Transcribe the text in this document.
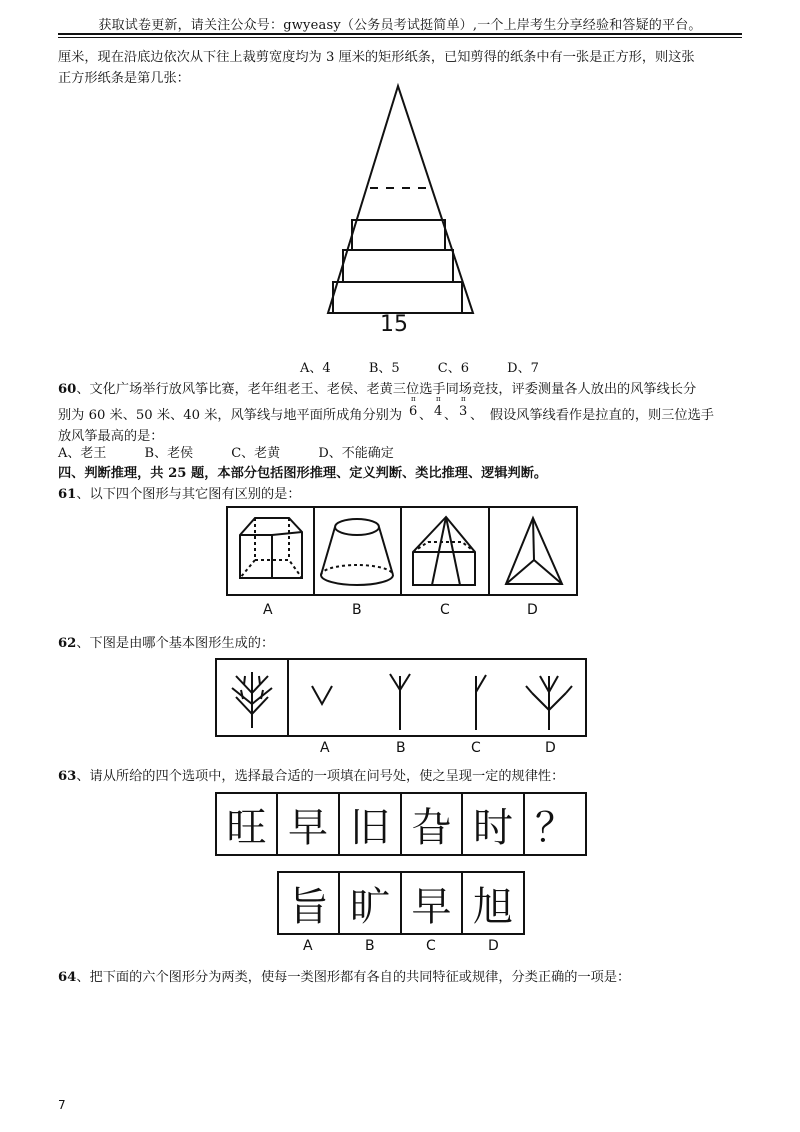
获取试卷更新，请关注公众号：gwyeasy（公务员考试挺简单）,一个上岸考生分享经验和答疑的平台。
厘米，现在沿底边依次从下往上裁剪宽度均为 3 厘米的矩形纸条，已知剪得的纸条中有一张是正方形，则这张
正方形纸条是第几张：
15
A、4	B、5	C、6	D、7
60、文化广场举行放风筝比赛，老年组老王、老侯、老黄三位选手同场竞技，评委测量各人放出的风筝线长分
别为 60 米、50 米、40 米，风筝线与地平面所成角分别为
π	π	π
6 、 4 、 3 、　假设风筝线看作是拉直的，则三位选手
放风筝最高的是：
A、老王	B、老侯	C、老黄	D、不能确定
四、判断推理，共 25 题，本部分包括图形推理、定义判断、类比推理、逻辑判断。
61、以下四个图形与其它图有区别的是：
A	B	C	D
62、下图是由哪个基本图形生成的：
A	B	C	D
63、请从所给的四个选项中，选择最合适的一项填在问号处，使之呈现一定的规律性：
旺 早 旧 旮 时 ？
旨 旷 早 旭
A	B	C	D
64、把下面的六个图形分为两类，使每一类图形都有各自的共同特征或规律，分类正确的一项是：
7
